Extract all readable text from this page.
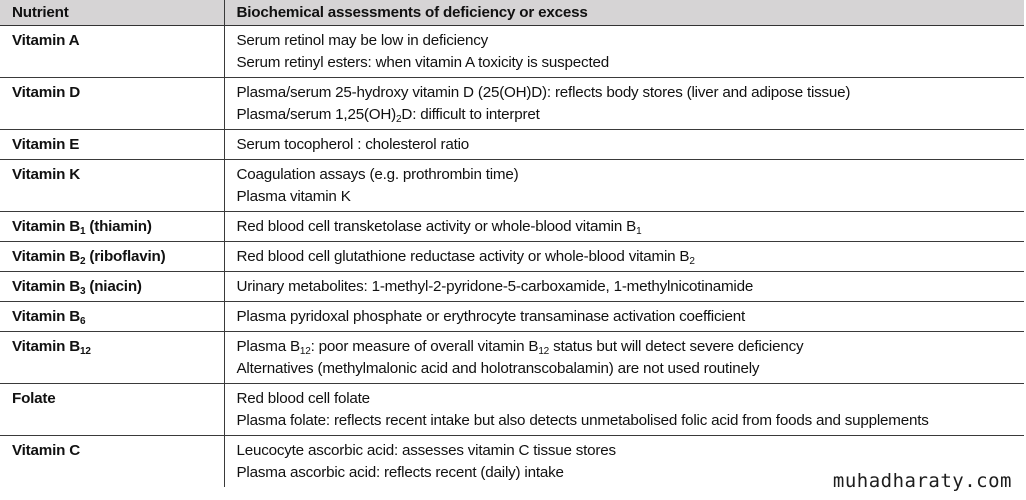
Nutrient	Biochemical assessments of deficiency or excess
Vitamin A	Serum retinol may be low in deficiency
Serum retinyl esters: when vitamin A toxicity is suspected

Vitamin D	Plasma/serum 25-hydroxy vitamin D (25(OH)D): reflects body stores (liver and adipose tissue)
Plasma/serum $1,25(OH)_2D$: difficult to interpret

Vitamin E	Serum tocopherol : cholesterol ratio

Vitamin K	Coagulation assays (e.g. prothrombin time)
Plasma vitamin K

Vitamin $B_1$ (thiamin)	Red blood cell transketolase activity or whole-blood vitamin $B_1$

Vitamin $B_2$ (riboflavin)	Red blood cell glutathione reductase activity or whole-blood vitamin $B_2$

Vitamin $B_3$ (niacin)	Urinary metabolites: 1-methyl-2-pyridone-5-carboxamide, 1-methylnicotinamide

Vitamin $B_6$	Plasma pyridoxal phosphate or erythrocyte transaminase activation coefficient

Vitamin $B_{12}$	Plasma $B_{12}$: poor measure of overall vitamin $B_{12}$ status but will detect severe deficiency
Alternatives (methylmalonic acid and holotranscobalamin) are not used routinely

Folate	Red blood cell folate
Plasma folate: reflects recent intake but also detects unmetabolised folic acid from foods and supplements

Vitamin C	Leucocyte ascorbic acid: assesses vitamin C tissue stores
Plasma ascorbic acid: reflects recent (daily) intake	muhadharaty.com
